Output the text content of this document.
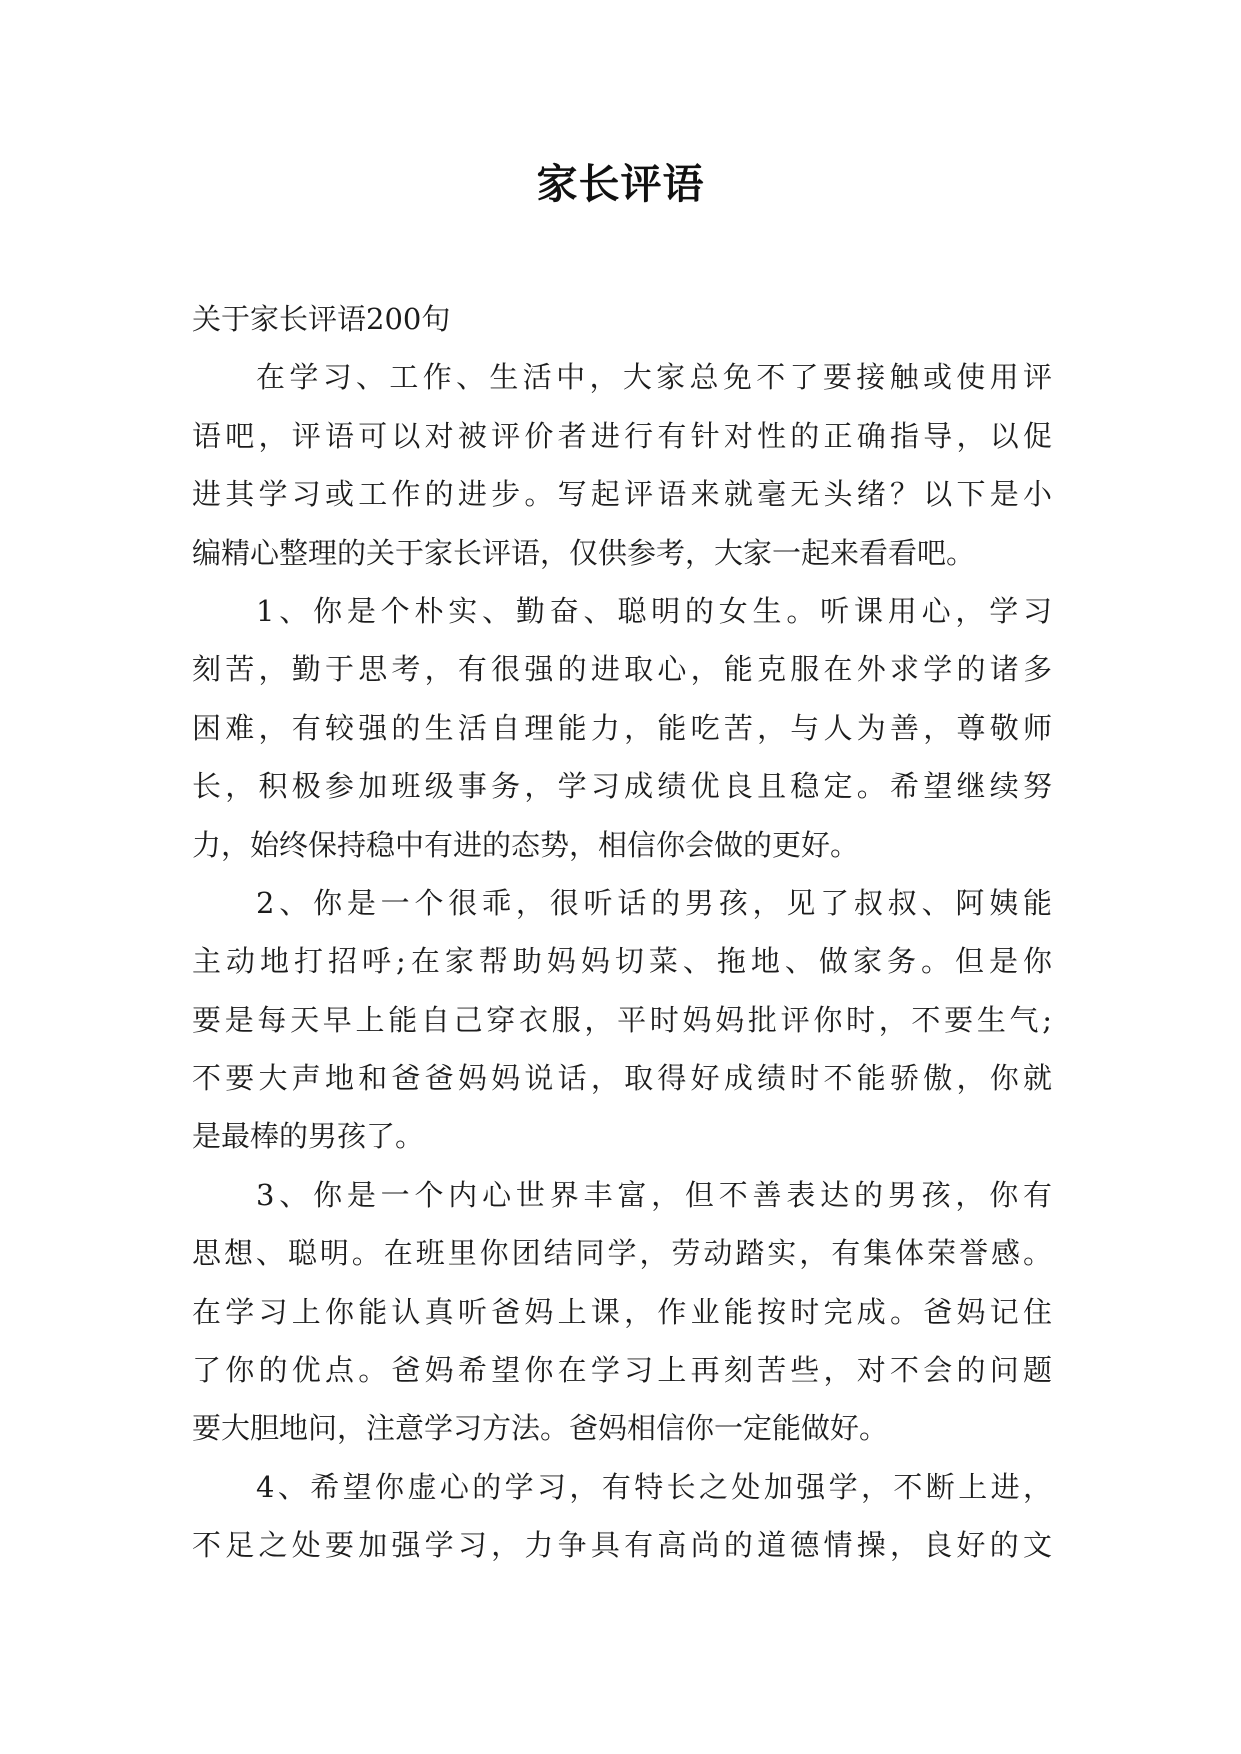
家长评语
关于家长评语200句
在学习、工作、生活中，大家总免不了要接触或使用评
语吧，评语可以对被评价者进行有针对性的正确指导，以促
进其学习或工作的进步。写起评语来就毫无头绪？以下是小
编精心整理的关于家长评语，仅供参考，大家一起来看看吧。
1、你是个朴实、勤奋、聪明的女生。听课用心，学习
刻苦，勤于思考，有很强的进取心，能克服在外求学的诸多
困难，有较强的生活自理能力，能吃苦，与人为善，尊敬师
长，积极参加班级事务，学习成绩优良且稳定。希望继续努
力，始终保持稳中有进的态势，相信你会做的更好。
2、你是一个很乖，很听话的男孩，见了叔叔、阿姨能
主动地打招呼;在家帮助妈妈切菜、拖地、做家务。但是你
要是每天早上能自己穿衣服，平时妈妈批评你时，不要生气;
不要大声地和爸爸妈妈说话，取得好成绩时不能骄傲，你就
是最棒的男孩了。
3、你是一个内心世界丰富，但不善表达的男孩，你有
思想、聪明。在班里你团结同学，劳动踏实，有集体荣誉感。
在学习上你能认真听爸妈上课，作业能按时完成。爸妈记住
了你的优点。爸妈希望你在学习上再刻苦些，对不会的问题
要大胆地问，注意学习方法。爸妈相信你一定能做好。
4、希望你虚心的学习，有特长之处加强学，不断上进，
不足之处要加强学习，力争具有高尚的道德情操，良好的文
